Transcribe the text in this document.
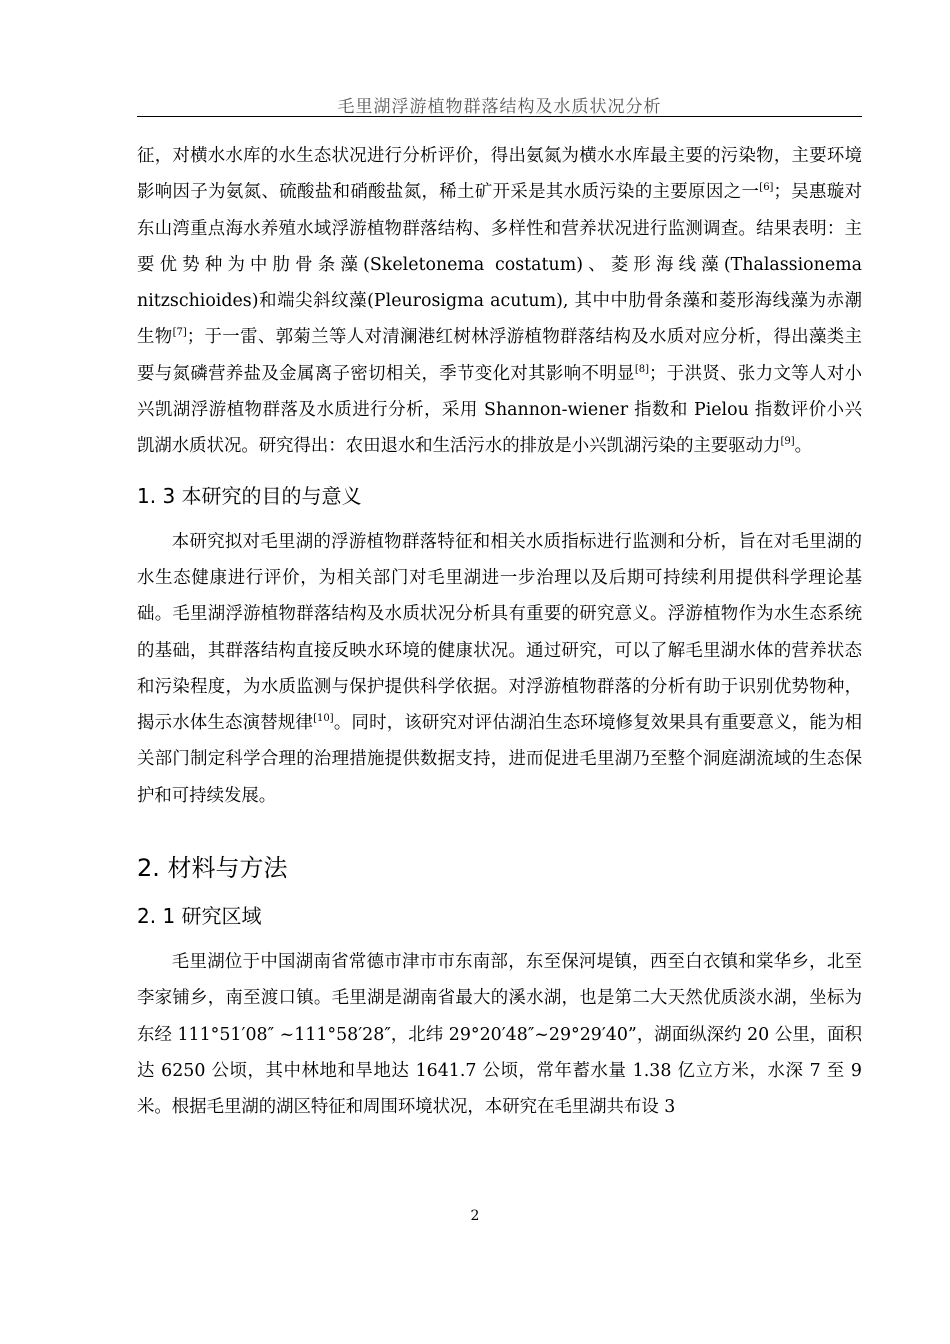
毛里湖浮游植物群落结构及水质状况分析

征，对横水水库的水生态状况进行分析评价，得出氨氮为横水水库最主要的污染物，主要环境影响因子为氨氮、硫酸盐和硝酸盐氮，稀土矿开采是其水质污染的主要原因之一[6]；吴惠璇对东山湾重点海水养殖水域浮游植物群落结构、多样性和营养状况进行监测调查。结果表明：主要优势种为中肋骨条藻(Skeletonema costatum)、菱形海线藻(Thalassionema nitzschioides)和端尖斜纹藻(Pleurosigma acutum), 其中中肋骨条藻和菱形海线藻为赤潮生物[7]；于一雷、郭菊兰等人对清澜港红树林浮游植物群落结构及水质对应分析，得出藻类主要与氮磷营养盐及金属离子密切相关，季节变化对其影响不明显[8]；于洪贤、张力文等人对小兴凯湖浮游植物群落及水质进行分析，采用 Shannon-wiener 指数和 Pielou 指数评价小兴凯湖水质状况。研究得出：农田退水和生活污水的排放是小兴凯湖污染的主要驱动力[9]。

1. 3 本研究的目的与意义

本研究拟对毛里湖的浮游植物群落特征和相关水质指标进行监测和分析，旨在对毛里湖的水生态健康进行评价，为相关部门对毛里湖进一步治理以及后期可持续利用提供科学理论基础。毛里湖浮游植物群落结构及水质状况分析具有重要的研究意义。浮游植物作为水生态系统的基础，其群落结构直接反映水环境的健康状况。通过研究，可以了解毛里湖水体的营养状态和污染程度，为水质监测与保护提供科学依据。对浮游植物群落的分析有助于识别优势物种，揭示水体生态演替规律[10]。同时，该研究对评估湖泊生态环境修复效果具有重要意义，能为相关部门制定科学合理的治理措施提供数据支持，进而促进毛里湖乃至整个洞庭湖流域的生态保护和可持续发展。

2. 材料与方法
2. 1 研究区域

毛里湖位于中国湖南省常德市津市市东南部，东至保河堤镇，西至白衣镇和棠华乡，北至李家铺乡，南至渡口镇。毛里湖是湖南省最大的溪水湖，也是第二大天然优质淡水湖，坐标为东经 111°51′08″ ~111°58′28″，北纬 29°20′48″~29°29′40”，湖面纵深约 20 公里，面积达 6250 公顷，其中林地和旱地达 1641.7 公顷，常年蓄水量 1.38 亿立方米，水深 7 至 9 米。根据毛里湖的湖区特征和周围环境状况，本研究在毛里湖共布设 3

2
